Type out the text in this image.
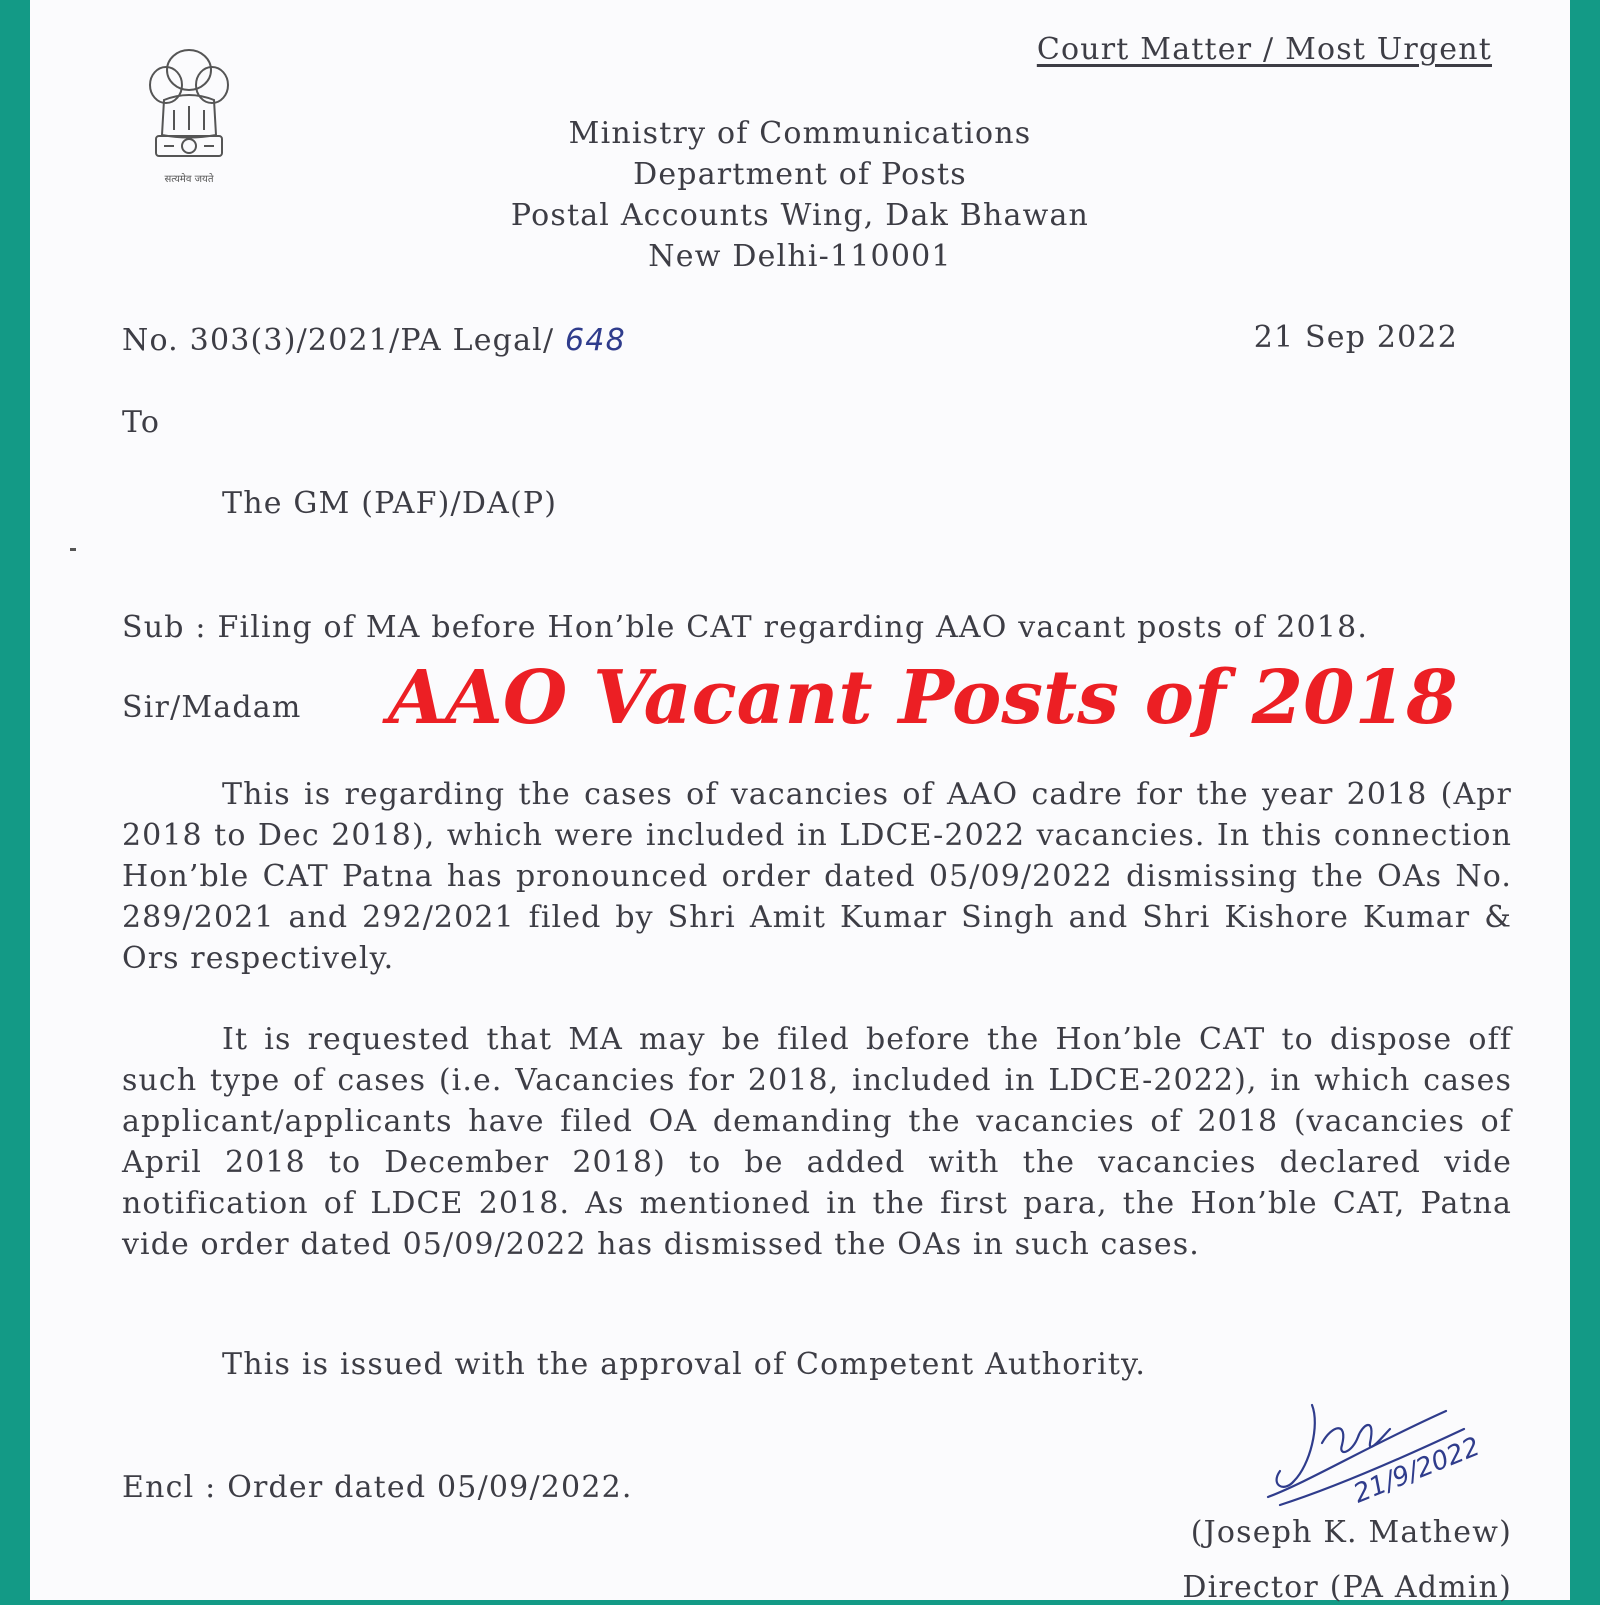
Court Matter / Most Urgent
सत्यमेव जयते
Ministry of Communications
Department of Posts
Postal Accounts Wing, Dak Bhawan
New Delhi-110001
No. 303(3)/2021/PA Legal/ 648	21 Sep 2022
To
The GM (PAF)/DA(P)
Sub : Filing of MA before Hon’ble CAT regarding AAO vacant posts of 2018.
Sir/Madam AAO Vacant Posts of 2018
This is regarding the cases of vacancies of AAO cadre for the year 2018 (Apr 2018 to Dec 2018), which were included in LDCE-2022 vacancies. In this connection Hon’ble CAT Patna has pronounced order dated 05/09/2022 dismissing the OAs No. 289/2021 and 292/2021 filed by Shri Amit Kumar Singh and Shri Kishore Kumar & Ors respectively.
It is requested that MA may be filed before the Hon’ble CAT to dispose off such type of cases (i.e. Vacancies for 2018, included in LDCE-2022), in which cases applicant/applicants have filed OA demanding the vacancies of 2018 (vacancies of April 2018 to December 2018) to be added with the vacancies declared vide notification of LDCE 2018. As mentioned in the first para, the Hon’ble CAT, Patna vide order dated 05/09/2022 has dismissed the OAs in such cases.
This is issued with the approval of Competent Authority.
Encl : Order dated 05/09/2022.	21/9/2022
(Joseph K. Mathew)
Director (PA Admin)
